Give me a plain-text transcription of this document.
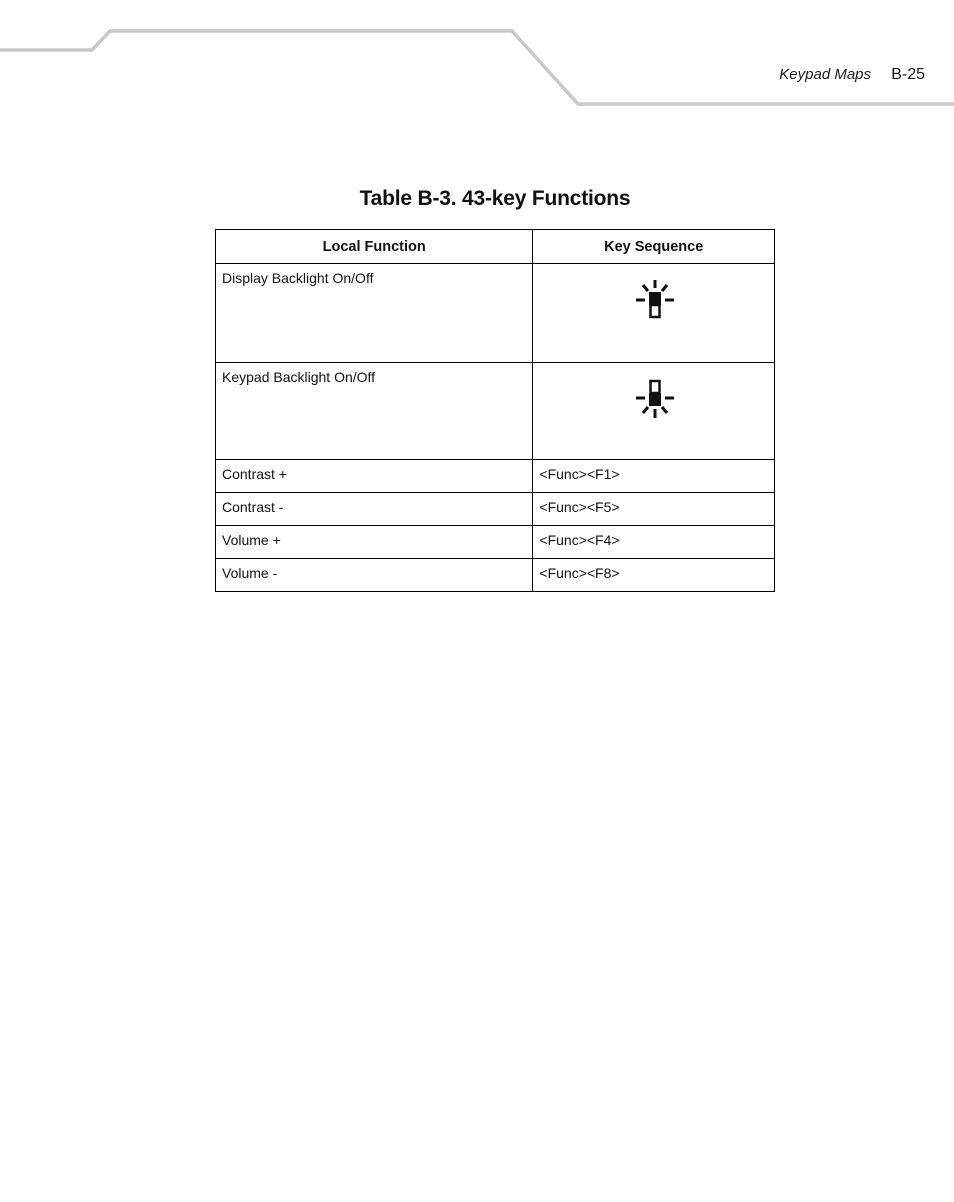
Keypad Maps B-25
Table B-3. 43-key Functions
Local Function	Key Sequence
Display Backlight On/Off	

Keypad Backlight On/Off	

Contrast +	<Func><F1>
Contrast -	<Func><F5>
Volume +	<Func><F4>
Volume -	<Func><F8>
